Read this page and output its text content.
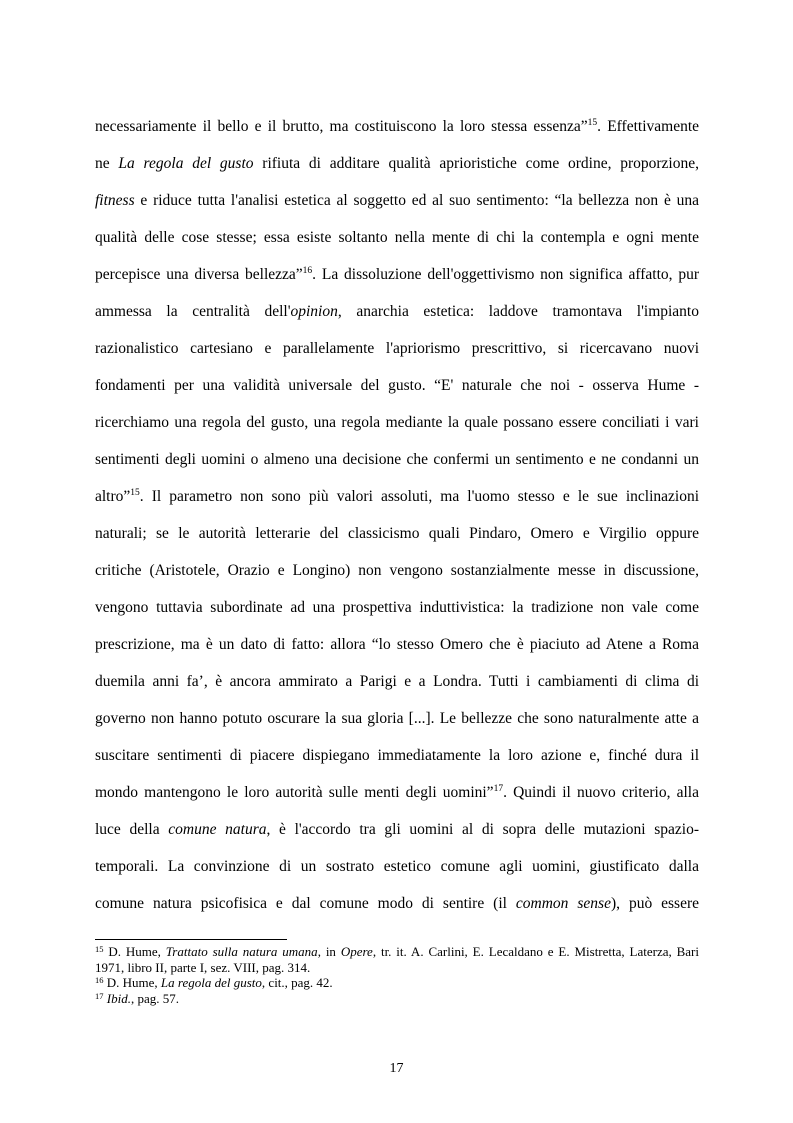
necessariamente il bello e il brutto, ma costituiscono la loro stessa essenza”$^{15}$. Effettivamente
ne La regola del gusto rifiuta di additare qualità aprioristiche come ordine, proporzione,
fitness e riduce tutta l'analisi estetica al soggetto ed al suo sentimento: “la bellezza non è una
qualità delle cose stesse; essa esiste soltanto nella mente di chi la contempla e ogni mente
percepisce una diversa bellezza”$^{16}$. La dissoluzione dell'oggettivismo non significa affatto, pur
ammessa la centralità dell'opinion, anarchia estetica: laddove tramontava l'impianto
razionalistico cartesiano e parallelamente l'apriorismo prescrittivo, si ricercavano nuovi
fondamenti per una validità universale del gusto. “E' naturale che noi - osserva Hume -
ricerchiamo una regola del gusto, una regola mediante la quale possano essere conciliati i vari
sentimenti degli uomini o almeno una decisione che confermi un sentimento e ne condanni un
altro”$^{15}$. Il parametro non sono più valori assoluti, ma l'uomo stesso e le sue inclinazioni
naturali; se le autorità letterarie del classicismo quali Pindaro, Omero e Virgilio oppure
critiche (Aristotele, Orazio e Longino) non vengono sostanzialmente messe in discussione,
vengono tuttavia subordinate ad una prospettiva induttivistica: la tradizione non vale come
prescrizione, ma è un dato di fatto: allora “lo stesso Omero che è piaciuto ad Atene a Roma
duemila anni fa’, è ancora ammirato a Parigi e a Londra. Tutti i cambiamenti di clima di
governo non hanno potuto oscurare la sua gloria [...]. Le bellezze che sono naturalmente atte a
suscitare sentimenti di piacere dispiegano immediatamente la loro azione e, finché dura il
mondo mantengono le loro autorità sulle menti degli uomini”$^{17}$. Quindi il nuovo criterio, alla
luce della comune natura, è l'accordo tra gli uomini al di sopra delle mutazioni spazio-
temporali. La convinzione di un sostrato estetico comune agli uomini, giustificato dalla
comune natura psicofisica e dal comune modo di sentire (il common sense), può essere
$^{15}$ D. Hume, Trattato sulla natura umana, in Opere, tr. it. A. Carlini, E. Lecaldano e E. Mistretta, Laterza, Bari
1971, libro II, parte I, sez. VIII, pag. 314.
$^{16}$ D. Hume, La regola del gusto, cit., pag. 42.
$^{17}$ Ibid., pag. 57.
17
